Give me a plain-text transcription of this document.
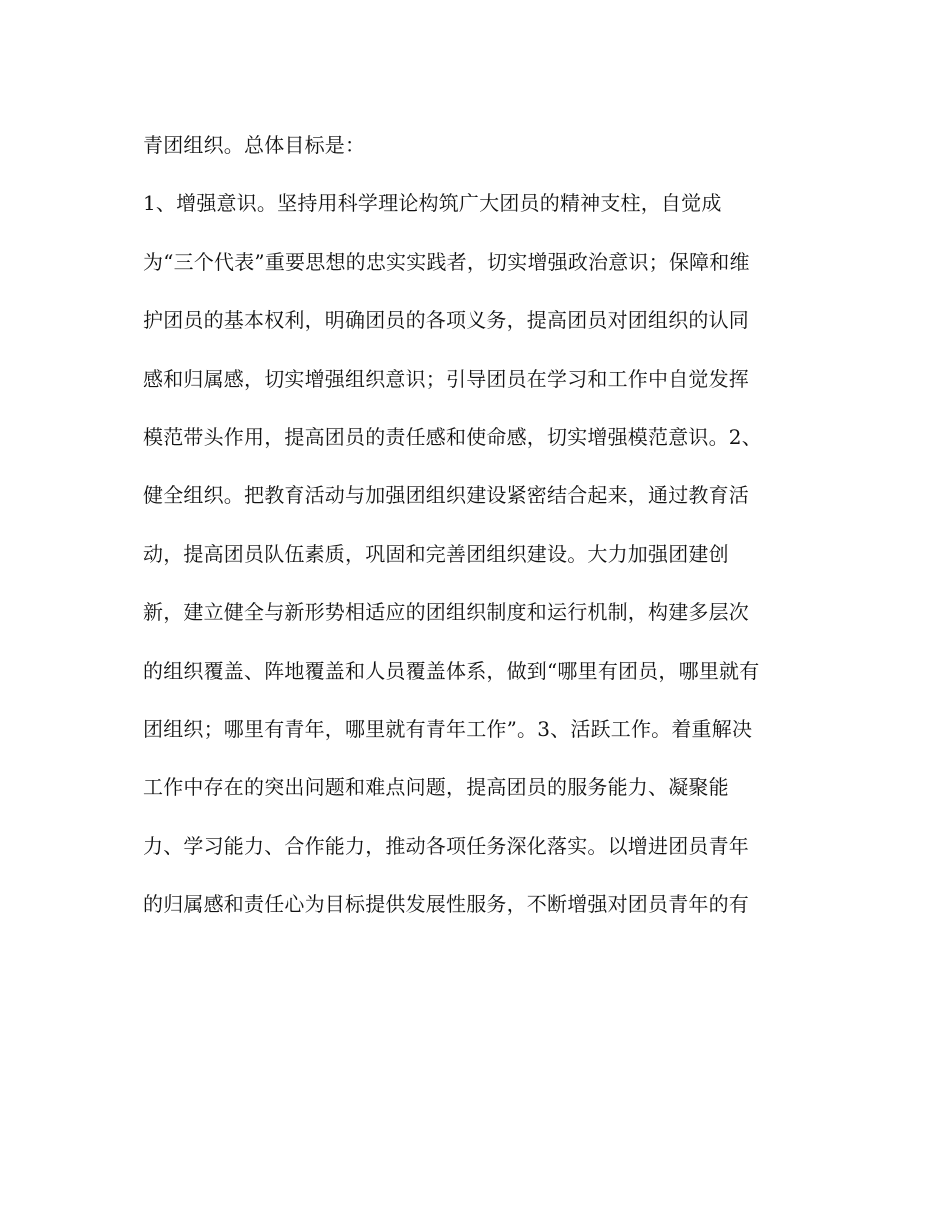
青团组织。总体目标是：
1、增强意识。坚持用科学理论构筑广大团员的精神支柱，自觉成
为“三个代表”重要思想的忠实实践者，切实增强政治意识；保障和维
护团员的基本权利，明确团员的各项义务，提高团员对团组织的认同
感和归属感，切实增强组织意识；引导团员在学习和工作中自觉发挥
模范带头作用，提高团员的责任感和使命感，切实增强模范意识。2、
健全组织。把教育活动与加强团组织建设紧密结合起来，通过教育活
动，提高团员队伍素质，巩固和完善团组织建设。大力加强团建创
新，建立健全与新形势相适应的团组织制度和运行机制，构建多层次
的组织覆盖、阵地覆盖和人员覆盖体系，做到“哪里有团员，哪里就有
团组织；哪里有青年，哪里就有青年工作”。3、活跃工作。着重解决
工作中存在的突出问题和难点问题，提高团员的服务能力、凝聚能
力、学习能力、合作能力，推动各项任务深化落实。以增进团员青年
的归属感和责任心为目标提供发展性服务，不断增强对团员青年的有
